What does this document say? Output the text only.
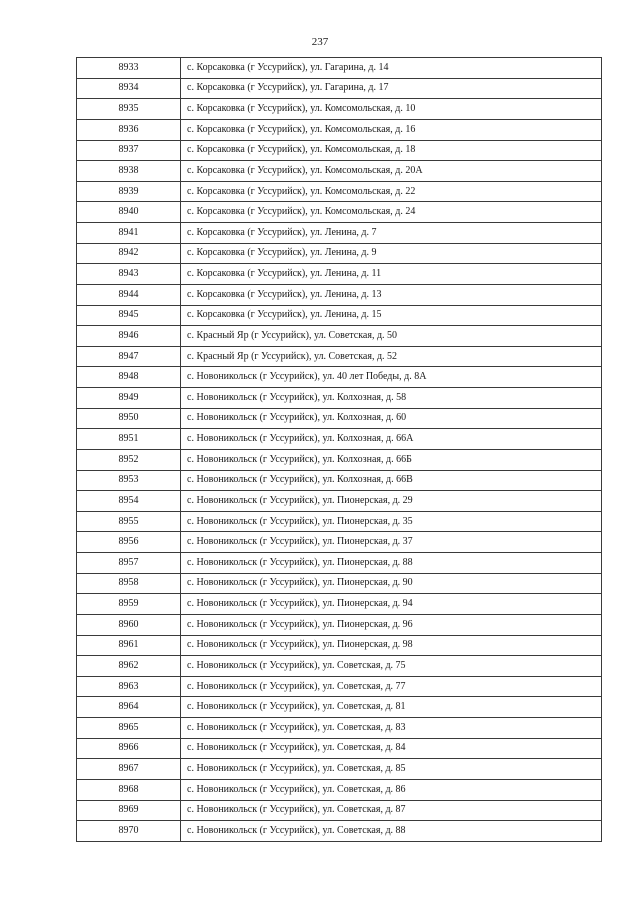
237
8933	с. Корсаковка (г Уссурийск), ул. Гагарина, д. 14
8934	с. Корсаковка (г Уссурийск), ул. Гагарина, д. 17
8935	с. Корсаковка (г Уссурийск), ул. Комсомольская, д. 10
8936	с. Корсаковка (г Уссурийск), ул. Комсомольская, д. 16
8937	с. Корсаковка (г Уссурийск), ул. Комсомольская, д. 18
8938	с. Корсаковка (г Уссурийск), ул. Комсомольская, д. 20А
8939	с. Корсаковка (г Уссурийск), ул. Комсомольская, д. 22
8940	с. Корсаковка (г Уссурийск), ул. Комсомольская, д. 24
8941	с. Корсаковка (г Уссурийск), ул. Ленина, д. 7
8942	с. Корсаковка (г Уссурийск), ул. Ленина, д. 9
8943	с. Корсаковка (г Уссурийск), ул. Ленина, д. 11
8944	с. Корсаковка (г Уссурийск), ул. Ленина, д. 13
8945	с. Корсаковка (г Уссурийск), ул. Ленина, д. 15
8946	с. Красный Яр (г Уссурийск), ул. Советская, д. 50
8947	с. Красный Яр (г Уссурийск), ул. Советская, д. 52
8948	с. Новоникольск (г Уссурийск), ул. 40 лет Победы, д. 8А
8949	с. Новоникольск (г Уссурийск), ул. Колхозная, д. 58
8950	с. Новоникольск (г Уссурийск), ул. Колхозная, д. 60
8951	с. Новоникольск (г Уссурийск), ул. Колхозная, д. 66А
8952	с. Новоникольск (г Уссурийск), ул. Колхозная, д. 66Б
8953	с. Новоникольск (г Уссурийск), ул. Колхозная, д. 66В
8954	с. Новоникольск (г Уссурийск), ул. Пионерская, д. 29
8955	с. Новоникольск (г Уссурийск), ул. Пионерская, д. 35
8956	с. Новоникольск (г Уссурийск), ул. Пионерская, д. 37
8957	с. Новоникольск (г Уссурийск), ул. Пионерская, д. 88
8958	с. Новоникольск (г Уссурийск), ул. Пионерская, д. 90
8959	с. Новоникольск (г Уссурийск), ул. Пионерская, д. 94
8960	с. Новоникольск (г Уссурийск), ул. Пионерская, д. 96
8961	с. Новоникольск (г Уссурийск), ул. Пионерская, д. 98
8962	с. Новоникольск (г Уссурийск), ул. Советская, д. 75
8963	с. Новоникольск (г Уссурийск), ул. Советская, д. 77
8964	с. Новоникольск (г Уссурийск), ул. Советская, д. 81
8965	с. Новоникольск (г Уссурийск), ул. Советская, д. 83
8966	с. Новоникольск (г Уссурийск), ул. Советская, д. 84
8967	с. Новоникольск (г Уссурийск), ул. Советская, д. 85
8968	с. Новоникольск (г Уссурийск), ул. Советская, д. 86
8969	с. Новоникольск (г Уссурийск), ул. Советская, д. 87
8970	с. Новоникольск (г Уссурийск), ул. Советская, д. 88
